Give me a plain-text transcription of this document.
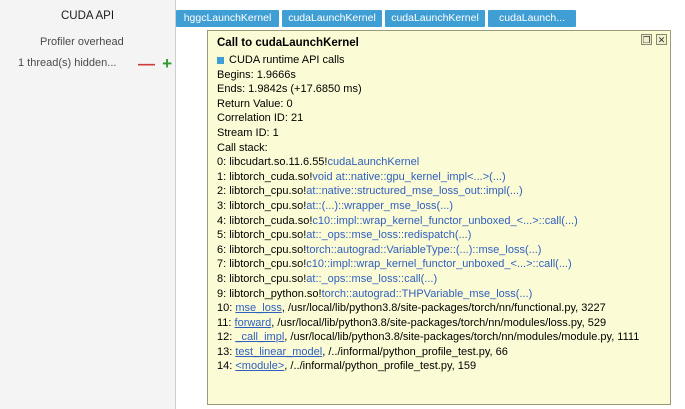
CUDA API
Profiler overhead
1 thread(s) hidden...	— +
hggcLaunchKernel	cudaLaunchKernel	cudaLaunchKernel	cudaLaunch...
❐ ✕
Call to cudaLaunchKernel
CUDA runtime API calls
Begins: 1.9666s
Ends: 1.9842s (+17.6850 ms)
Return Value: 0
Correlation ID: 21
Stream ID: 1
Call stack:
0: libcudart.so.11.6.55!cudaLaunchKernel
1: libtorch_cuda.so!void at::native::gpu_kernel_impl<...>(...)
2: libtorch_cpu.so!at::native::structured_mse_loss_out::impl(...)
3: libtorch_cpu.so!at::(...)::wrapper_mse_loss(...)
4: libtorch_cuda.so!c10::impl::wrap_kernel_functor_unboxed_<...>::call(...)
5: libtorch_cpu.so!at::_ops::mse_loss::redispatch(...)
6: libtorch_cpu.so!torch::autograd::VariableType::(...)::mse_loss(...)
7: libtorch_cpu.so!c10::impl::wrap_kernel_functor_unboxed_<...>::call(...)
8: libtorch_cpu.so!at::_ops::mse_loss::call(...)
9: libtorch_python.so!torch::autograd::THPVariable_mse_loss(...)
10: mse_loss, /usr/local/lib/python3.8/site-packages/torch/nn/functional.py, 3227
11: forward, /usr/local/lib/python3.8/site-packages/torch/nn/modules/loss.py, 529
12: _call_impl, /usr/local/lib/python3.8/site-packages/torch/nn/modules/module.py, 1111
13: test_linear_model, /../informal/python_profile_test.py, 66
14: <module>, /../informal/python_profile_test.py, 159
